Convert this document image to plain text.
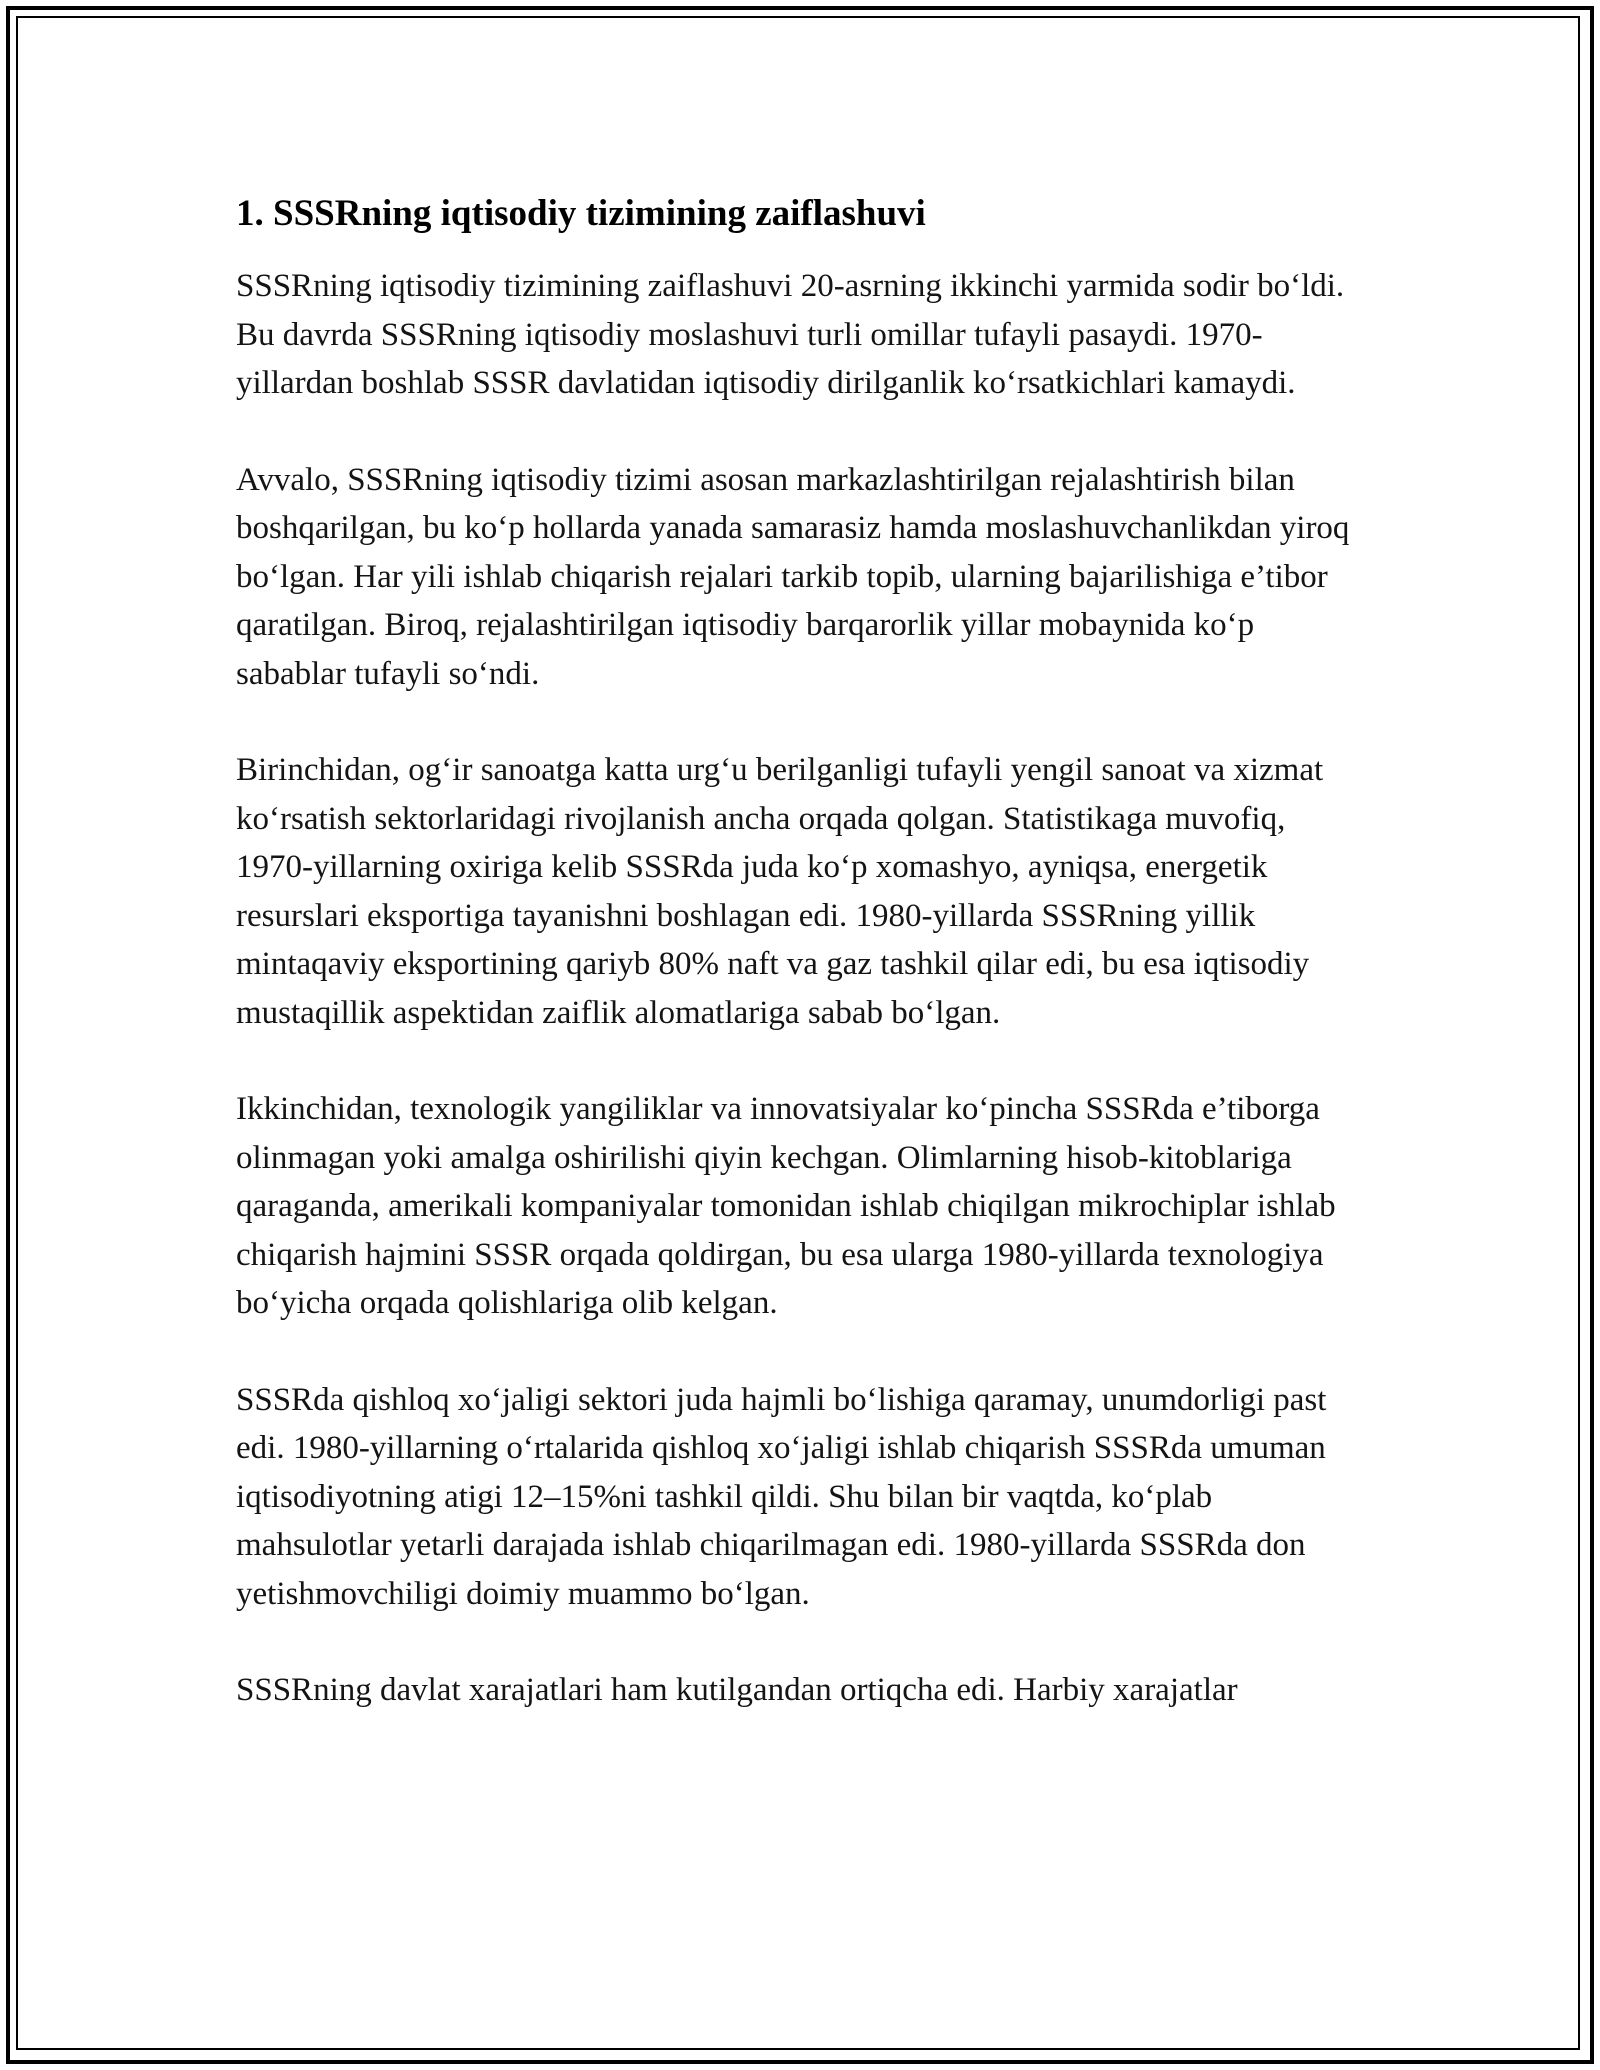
1. SSSRning iqtisodiy tizimining zaiflashuvi

SSSRning iqtisodiy tizimining zaiflashuvi 20-asrning ikkinchi yarmida sodir bo‘ldi. Bu davrda SSSRning iqtisodiy moslashuvi turli omillar tufayli pasaydi. 1970-yillardan boshlab SSSR davlatidan iqtisodiy dirilganlik ko‘rsatkichlari kamaydi.

Avvalo, SSSRning iqtisodiy tizimi asosan markazlashtirilgan rejalashtirish bilan boshqarilgan, bu ko‘p hollarda yanada samarasiz hamda moslashuvchanlikdan yiroq bo‘lgan. Har yili ishlab chiqarish rejalari tarkib topib, ularning bajarilishiga e’tibor qaratilgan. Biroq, rejalashtirilgan iqtisodiy barqarorlik yillar mobaynida ko‘p sabablar tufayli so‘ndi.

Birinchidan, og‘ir sanoatga katta urg‘u berilganligi tufayli yengil sanoat va xizmat ko‘rsatish sektorlaridagi rivojlanish ancha orqada qolgan. Statistikaga muvofiq, 1970-yillarning oxiriga kelib SSSRda juda ko‘p xomashyo, ayniqsa, energetik resurslari eksportiga tayanishni boshlagan edi. 1980-yillarda SSSRning yillik mintaqaviy eksportining qariyb 80% naft va gaz tashkil qilar edi, bu esa iqtisodiy mustaqillik aspektidan zaiflik alomatlariga sabab bo‘lgan.

Ikkinchidan, texnologik yangiliklar va innovatsiyalar ko‘pincha SSSRda e’tiborga olinmagan yoki amalga oshirilishi qiyin kechgan. Olimlarning hisob-kitoblariga qaraganda, amerikali kompaniyalar tomonidan ishlab chiqilgan mikrochiplar ishlab chiqarish hajmini SSSR orqada qoldirgan, bu esa ularga 1980-yillarda texnologiya bo‘yicha orqada qolishlariga olib kelgan.

SSSRda qishloq xo‘jaligi sektori juda hajmli bo‘lishiga qaramay, unumdorligi past edi. 1980-yillarning o‘rtalarida qishloq xo‘jaligi ishlab chiqarish SSSRda umuman iqtisodiyotning atigi 12–15%ni tashkil qildi. Shu bilan bir vaqtda, ko‘plab mahsulotlar yetarli darajada ishlab chiqarilmagan edi. 1980-yillarda SSSRda don yetishmovchiligi doimiy muammo bo‘lgan.

SSSRning davlat xarajatlari ham kutilgandan ortiqcha edi. Harbiy xarajatlar
